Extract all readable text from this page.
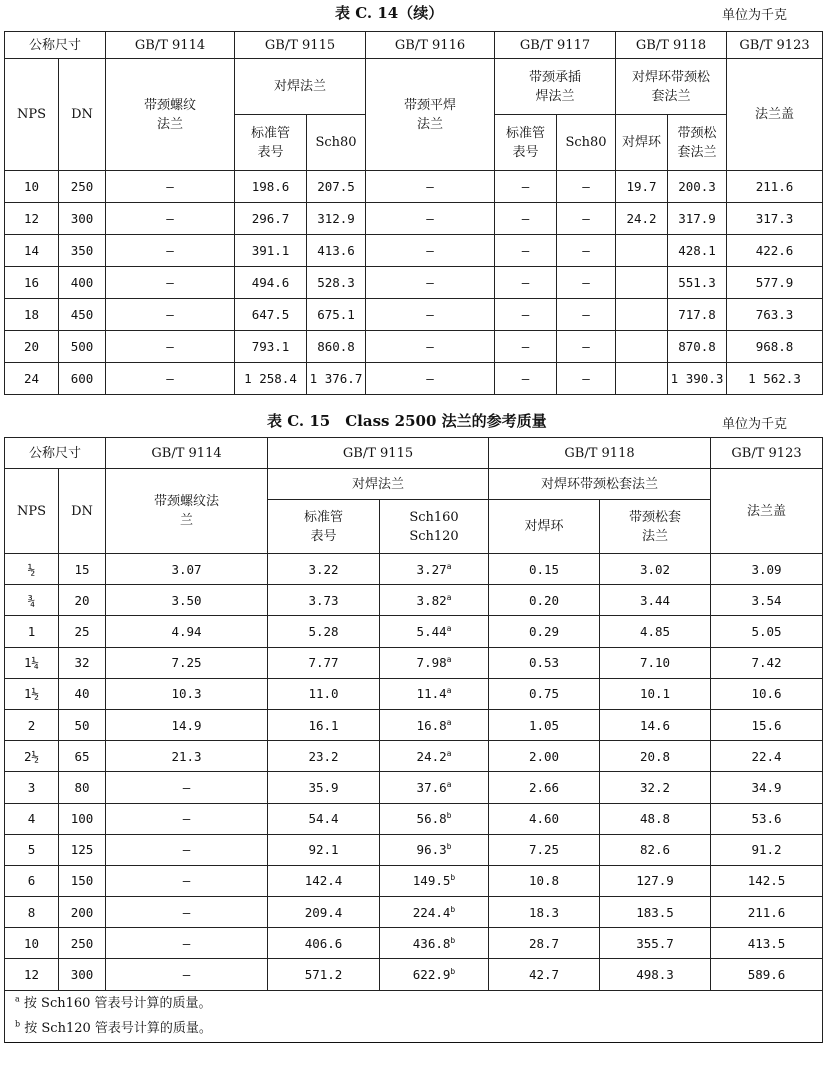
表 C. 14（续）	单位为千克
公称尺寸		GB/T 9114	GB/T 9115		GB/T 9116	GB/T 9117		GB/T 9118		GB/T 9123
NPS	DN	带颈螺纹法兰	对焊法兰		带颈平焊法兰	带颈承插焊法兰		对焊环带颈松套法兰		法兰盖
			标准管表号	Sch80		标准管表号	Sch80	对焊环	带颈松套法兰	
10	250	—	198.6	207.5	—	—	—	19.7	200.3	211.6
12	300	—	296.7	312.9	—	—	—	24.2	317.9	317.3
14	350	—	391.1	413.6	—	—	—		428.1	422.6
16	400	—	494.6	528.3	—	—	—		551.3	577.9
18	450	—	647.5	675.1	—	—	—		717.8	763.3
20	500	—	793.1	860.8	—	—	—		870.8	968.8
24	600	—	1 258.4	1 376.7	—	—	—		1 390.3	1 562.3
表 C. 15　Class 2500 法兰的参考质量	单位为千克
公称尺寸		GB/T 9114	GB/T 9115		GB/T 9118		GB/T 9123
NPS	DN	带颈螺纹法兰	对焊法兰		对焊环带颈松套法兰		法兰盖
			标准管表号	Sch160 Sch120	对焊环	带颈松套法兰	
½	15	3.07	3.22	3.27$^a$	0.15	3.02	3.09
¾	20	3.50	3.73	3.82$^a$	0.20	3.44	3.54
1	25	4.94	5.28	5.44$^a$	0.29	4.85	5.05
1¼	32	7.25	7.77	7.98$^a$	0.53	7.10	7.42
1½	40	10.3	11.0	11.4$^a$	0.75	10.1	10.6
2	50	14.9	16.1	16.8$^a$	1.05	14.6	15.6
2½	65	21.3	23.2	24.2$^a$	2.00	20.8	22.4
3	80	—	35.9	37.6$^a$	2.66	32.2	34.9
4	100	—	54.4	56.8$^b$	4.60	48.8	53.6
5	125	—	92.1	96.3$^b$	7.25	82.6	91.2
6	150	—	142.4	149.5$^b$	10.8	127.9	142.5
8	200	—	209.4	224.4$^b$	18.3	183.5	211.6
10	250	—	406.6	436.8$^b$	28.7	355.7	413.5
12	300	—	571.2	622.9$^b$	42.7	498.3	589.6
$^a$ 按 Sch160 管表号计算的质量。							
$^b$ 按 Sch120 管表号计算的质量。							
